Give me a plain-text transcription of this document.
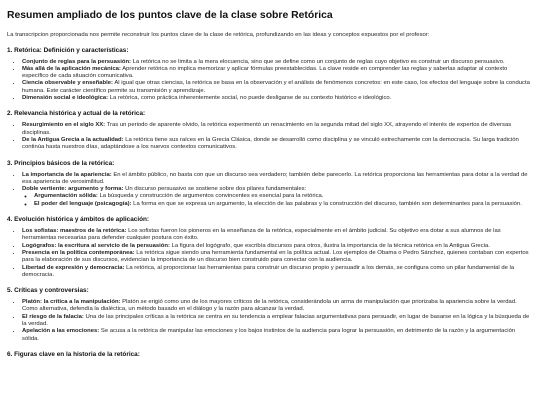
Resumen ampliado de los puntos clave de la clase sobre Retórica

La transcripcion proporcionada nos permite reconstruir los puntos clave de la clase de retórica, profundizando en las ideas y conceptos expuestos por el profesor:

1. Retórica: Definición y características:
• Conjunto de reglas para la persuasión: La retórica no se limita a la mera elocuencia, sino que se define como un conjunto de reglas cuyo objetivo es construir un discurso persuasivo.
• Más allá de la aplicación mecánica: Aprender retórica no implica memorizar y aplicar fórmulas preestablecidas. La clave reside en comprender las reglas y saberlas adaptar al contexto específico de cada situación comunicativa.
• Ciencia observable y enseñable: Al igual que otras ciencias, la retórica se basa en la observación y el análisis de fenómenos concretos: en este caso, los efectos del lenguaje sobre la conducta humana. Este carácter científico permite su transmisión y aprendizaje.
• Dimensión social e ideológica: La retórica, como práctica inherentemente social, no puede desligarse de su contexto histórico e ideológico.
2. Relevancia histórica y actual de la retórica:
• Resurgimiento en el siglo XX: Tras un periodo de aparente olvido, la retórica experimentó un renacimiento en la segunda mitad del siglo XX, atrayendo el interés de expertos de diversas disciplinas.
• De la Antigua Grecia a la actualidad: La retórica tiene sus raíces en la Grecia Clásica, donde se desarrolló como disciplina y se vinculó estrechamente con la democracia. Su larga tradición continúa hasta nuestros días, adaptándose a los nuevos contextos comunicativos.
3. Principios básicos de la retórica:
• La importancia de la apariencia: En el ámbito público, no basta con que un discurso sea verdadero; también debe parecerlo. La retórica proporciona las herramientas para dotar a la verdad de esa apariencia de verosimilitud.
• Doble vertiente: argumento y forma: Un discurso persuasivo se sostiene sobre dos pilares fundamentales:
◦ Argumentación sólida: La búsqueda y construcción de argumentos convincentes es esencial para la retórica.
◦ El poder del lenguaje (psicagogía): La forma en que se expresa un argumento, la elección de las palabras y la construcción del discurso, también son determinantes para la persuasión.
4. Evolución histórica y ámbitos de aplicación:
• Los sofistas: maestros de la retórica: Los sofistas fueron los pioneros en la enseñanza de la retórica, especialmente en el ámbito judicial. Su objetivo era dotar a sus alumnos de las herramientas necesarias para defender cualquier postura con éxito.
• Logógrafos: la escritura al servicio de la persuasión: La figura del logógrafo, que escribía discursos para otros, ilustra la importancia de la técnica retórica en la Antigua Grecia.
• Presencia en la política contemporánea: La retórica sigue siendo una herramienta fundamental en la política actual. Los ejemplos de Obama o Pedro Sánchez, quienes contaban con expertos para la elaboración de sus discursos, evidencian la importancia de un discurso bien construido para conectar con la audiencia.
• Libertad de expresión y democracia: La retórica, al proporcionar las herramientas para construir un discurso propio y persuadir a los demás, se configura como un pilar fundamental de la democracia.
5. Críticas y controversias:
• Platón: la crítica a la manipulación: Platón se erigió como uno de los mayores críticos de la retórica, considerándola un arma de manipulación que priorizaba la apariencia sobre la verdad. Como alternativa, defendía la dialéctica, un método basado en el diálogo y la razón para alcanzar la verdad.
• El riesgo de la falacia: Una de las principales críticas a la retórica se centra en su tendencia a emplear falacias argumentativas para persuadir, en lugar de basarse en la lógica y la búsqueda de la verdad.
• Apelación a las emociones: Se acusa a la retórica de manipular las emociones y los bajos instintos de la audiencia para lograr la persuasión, en detrimento de la razón y la argumentación sólida.
6. Figuras clave en la historia de la retórica:
